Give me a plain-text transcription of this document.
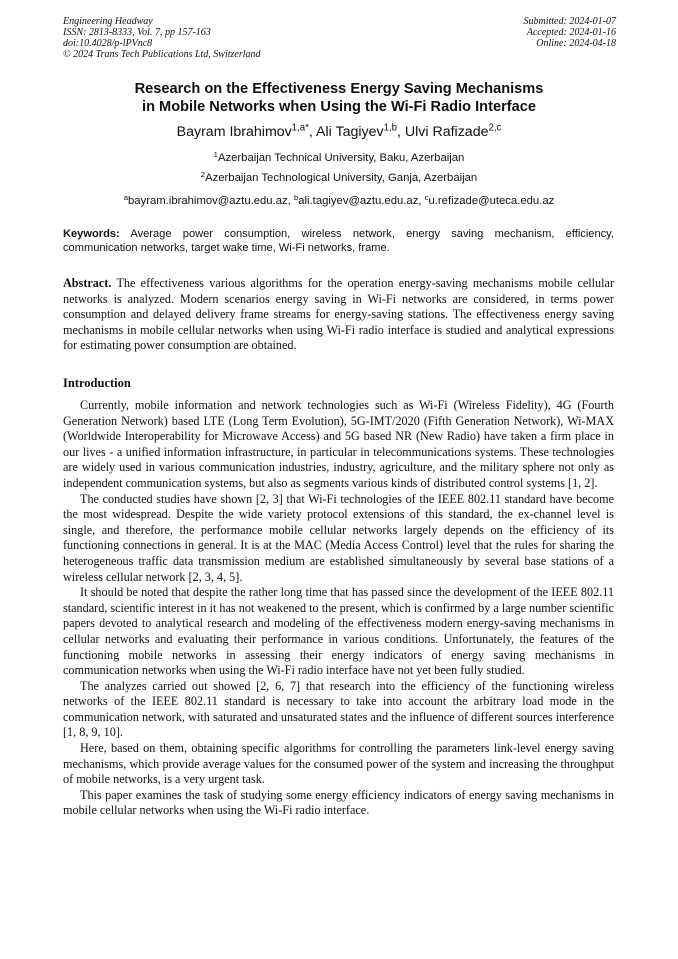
Engineering Headway
ISSN: 2813-8333, Vol. 7, pp 157-163
doi:10.4028/p-lPVnc8
© 2024 Trans Tech Publications Ltd, Switzerland
Submitted: 2024-01-07
Accepted: 2024-01-16
Online: 2024-04-18
Research on the Effectiveness Energy Saving Mechanisms
in Mobile Networks when Using the Wi-Fi Radio Interface
Bayram Ibrahimov$^{1,a*}$, Ali Tagiyev$^{1,b}$, Ulvi Rafizade$^{2,c}$
$^1$Azerbaijan Technical University, Baku, Azerbaijan
$^2$Azerbaijan Technological University, Ganja, Azerbaijan
$^a$bayram.ibrahimov@aztu.edu.az, $^b$ali.tagiyev@aztu.edu.az, $^c$u.refizade@uteca.edu.az
Keywords: Average power consumption, wireless network, energy saving mechanism, efficiency, communication networks, target wake time, Wi-Fi networks, frame.
Abstract. The effectiveness various algorithms for the operation energy-saving mechanisms mobile cellular networks is analyzed. Modern scenarios energy saving in Wi-Fi networks are considered, in terms power consumption and delayed delivery frame streams for energy-saving stations. The effectiveness energy saving mechanisms in mobile cellular networks when using Wi-Fi radio interface is studied and analytical expressions for estimating power consumption are obtained.
Introduction

Currently, mobile information and network technologies such as Wi-Fi (Wireless Fidelity), 4G (Fourth Generation Network) based LTE (Long Term Evolution), 5G-IMT/2020 (Fifth Generation Network), Wi-MAX (Worldwide Interoperability for Microwave Access) and 5G based NR (New Radio) have taken a firm place in our lives - a unified information infrastructure, in particular in telecommunications systems. These technologies are widely used in various communication industries, industry, agriculture, and the military sphere not only as independent communication systems, but also as segments various kinds of distributed control systems [1, 2].

The conducted studies have shown [2, 3] that Wi-Fi technologies of the IEEE 802.11 standard have become the most widespread. Despite the wide variety protocol extensions of this standard, the ex-channel level is single, and therefore, the performance mobile cellular networks largely depends on the efficiency of its functioning connections in general. It is at the MAC (Media Access Control) level that the rules for sharing the heterogeneous traffic data transmission medium are established simultaneously by several base stations of a wireless cellular network [2, 3, 4, 5].

It should be noted that despite the rather long time that has passed since the development of the IEEE 802.11 standard, scientific interest in it has not weakened to the present, which is confirmed by a large number scientific papers devoted to analytical research and modeling of the effectiveness modern energy-saving mechanisms in cellular networks and evaluating their performance in various conditions. Unfortunately, the features of the functioning mobile networks in assessing their energy indicators of energy saving mechanisms in communication networks when using the Wi-Fi radio interface have not yet been fully studied.

The analyzes carried out showed [2, 6, 7] that research into the efficiency of the functioning wireless networks of the IEEE 802.11 standard is necessary to take into account the arbitrary load mode in the communication network, with saturated and unsaturated states and the influence of different sources interference [1, 8, 9, 10].

Here, based on them, obtaining specific algorithms for controlling the parameters link-level energy saving mechanisms, which provide average values for the consumed power of the system and increasing the throughput of mobile networks, is a very urgent task.

This paper examines the task of studying some energy efficiency indicators of energy saving mechanisms in mobile cellular networks when using the Wi-Fi radio interface.
